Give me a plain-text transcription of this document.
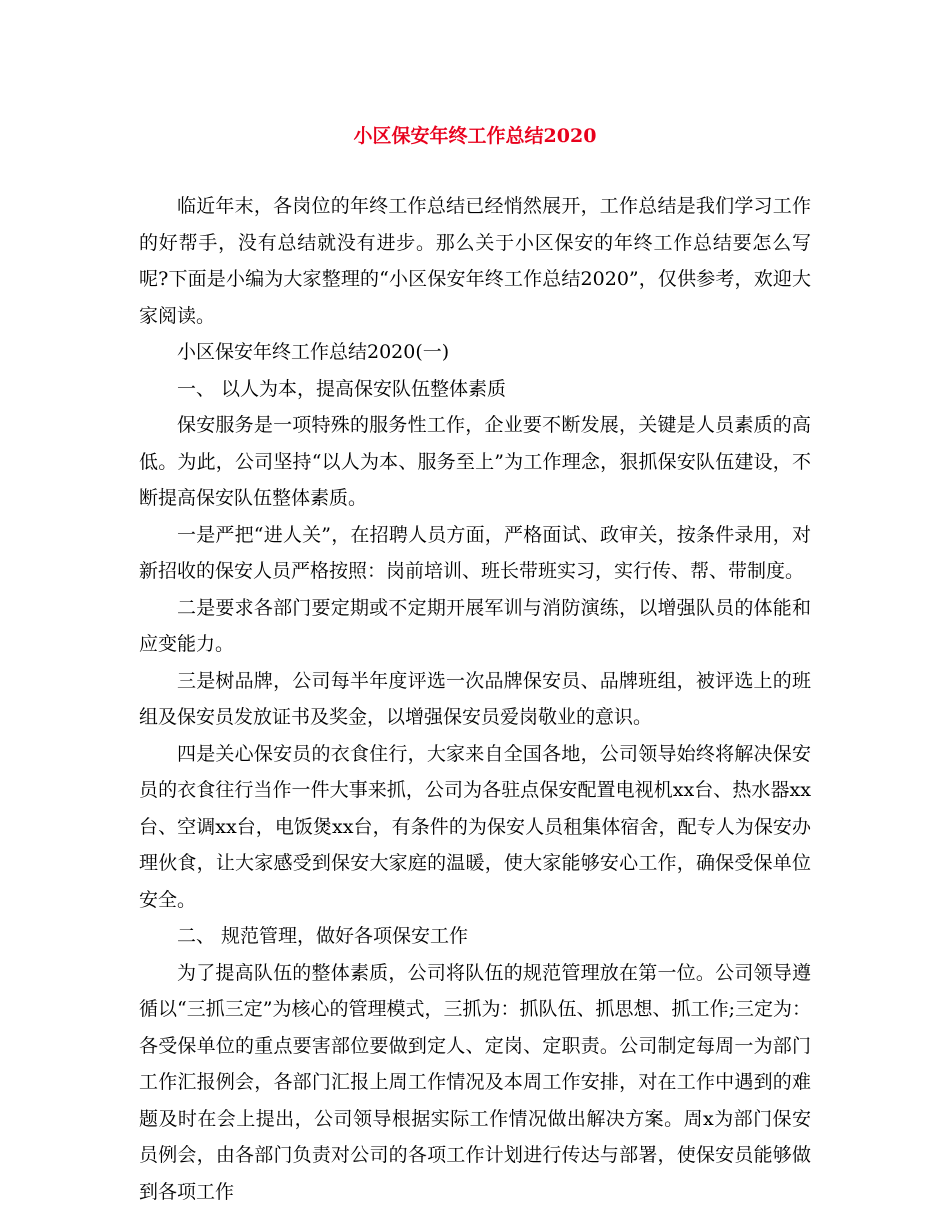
小区保安年终工作总结2020

临近年末，各岗位的年终工作总结已经悄然展开，工作总结是我们学习工作的好帮手，没有总结就没有进步。那么关于小区保安的年终工作总结要怎么写呢?下面是小编为大家整理的“小区保安年终工作总结2020”，仅供参考，欢迎大家阅读。

小区保安年终工作总结2020(一)

一、 以人为本，提高保安队伍整体素质

保安服务是一项特殊的服务性工作，企业要不断发展，关键是人员素质的高低。为此，公司坚持“以人为本、服务至上”为工作理念，狠抓保安队伍建设，不断提高保安队伍整体素质。

一是严把“进人关”，在招聘人员方面，严格面试、政审关，按条件录用，对新招收的保安人员严格按照：岗前培训、班长带班实习，实行传、帮、带制度。

二是要求各部门要定期或不定期开展军训与消防演练，以增强队员的体能和应变能力。

三是树品牌，公司每半年度评选一次品牌保安员、品牌班组，被评选上的班组及保安员发放证书及奖金，以增强保安员爱岗敬业的意识。

四是关心保安员的衣食住行，大家来自全国各地，公司领导始终将解决保安员的衣食往行当作一件大事来抓，公司为各驻点保安配置电视机xx台、热水器xx台、空调xx台，电饭煲xx台，有条件的为保安人员租集体宿舍，配专人为保安办理伙食，让大家感受到保安大家庭的温暖，使大家能够安心工作，确保受保单位安全。

二、 规范管理，做好各项保安工作

为了提高队伍的整体素质，公司将队伍的规范管理放在第一位。公司领导遵循以“三抓三定”为核心的管理模式，三抓为：抓队伍、抓思想、抓工作;三定为：各受保单位的重点要害部位要做到定人、定岗、定职责。公司制定每周一为部门工作汇报例会，各部门汇报上周工作情况及本周工作安排，对在工作中遇到的难题及时在会上提出，公司领导根据实际工作情况做出解决方案。周x为部门保安员例会，由各部门负责对公司的各项工作计划进行传达与部署，使保安员能够做到各项工作
